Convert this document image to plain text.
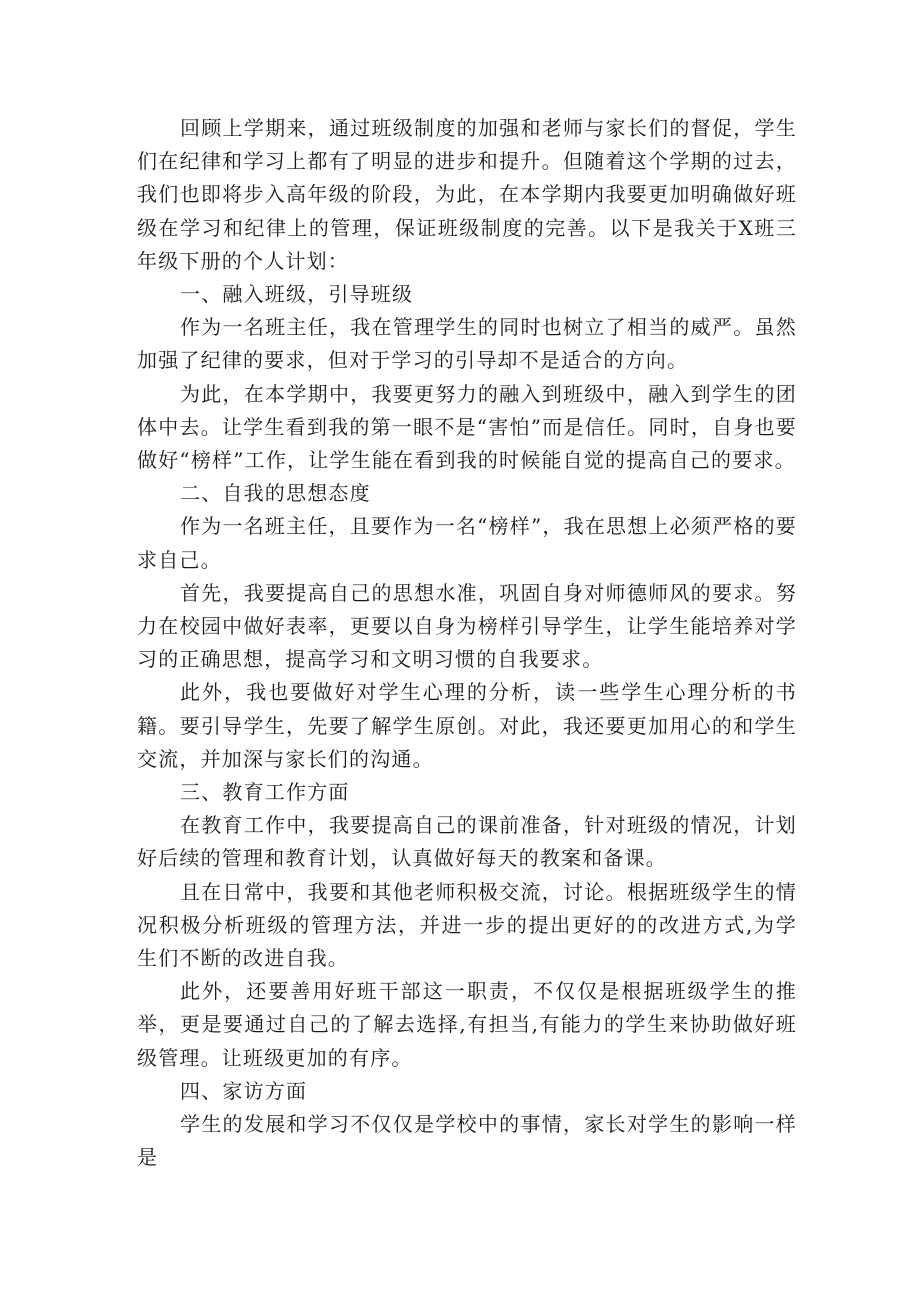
回顾上学期来，通过班级制度的加强和老师与家长们的督促，学生们在纪律和学习上都有了明显的进步和提升。但随着这个学期的过去，我们也即将步入高年级的阶段，为此，在本学期内我要更加明确做好班级在学习和纪律上的管理，保证班级制度的完善。以下是我关于X班三年级下册的个人计划：

一、融入班级，引导班级

作为一名班主任，我在管理学生的同时也树立了相当的威严。虽然加强了纪律的要求，但对于学习的引导却不是适合的方向。

为此，在本学期中，我要更努力的融入到班级中，融入到学生的团体中去。让学生看到我的第一眼不是“害怕”而是信任。同时，自身也要做好“榜样”工作，让学生能在看到我的时候能自觉的提高自己的要求。

二、自我的思想态度

作为一名班主任，且要作为一名“榜样”，我在思想上必须严格的要求自己。

首先，我要提高自己的思想水准，巩固自身对师德师风的要求。努力在校园中做好表率，更要以自身为榜样引导学生，让学生能培养对学习的正确思想，提高学习和文明习惯的自我要求。

此外，我也要做好对学生心理的分析，读一些学生心理分析的书籍。要引导学生，先要了解学生原创。对此，我还要更加用心的和学生交流，并加深与家长们的沟通。

三、教育工作方面

在教育工作中，我要提高自己的课前准备，针对班级的情况，计划好后续的管理和教育计划，认真做好每天的教案和备课。

且在日常中，我要和其他老师积极交流，讨论。根据班级学生的情况积极分析班级的管理方法，并进一步的提出更好的的改进方式,为学生们不断的改进自我。

此外，还要善用好班干部这一职责，不仅仅是根据班级学生的推举，更是要通过自己的了解去选择,有担当,有能力的学生来协助做好班级管理。让班级更加的有序。

四、家访方面

学生的发展和学习不仅仅是学校中的事情，家长对学生的影响一样是
